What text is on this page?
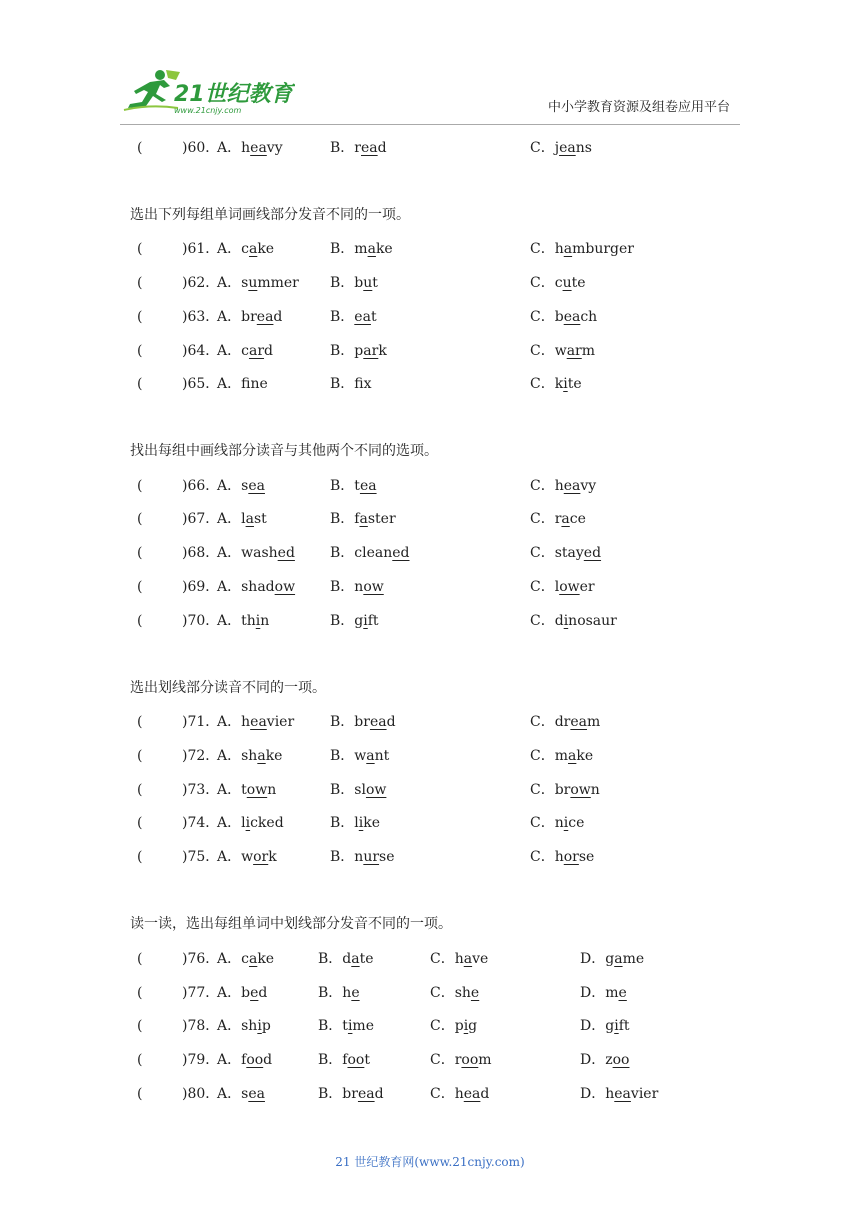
21世纪教育
www.21cnjy.com	中小学教育资源及组卷应用平台
(	)60．
A．heavy	B．read	C．jeans
选出下列每组单词画线部分发音不同的一项。
(	)61．
A．cake	B．make	C．hamburger
(	)62．
A．summer B．but	C．cute
(	)63．
A．bread	B．eat	C．beach
(	)64．
A．card	B．park	C．warm
(	)65．
A．fne	B．fx	C．kite
找出每组中画线部分读音与其他两个不同的选项。
(	)66．
A．sea	B．tea	C．heavy
(	)67．
A．last	B．faster	C．race
(	)68．
A．washed	B．cleaned	C．stayed
(	)69．
A．shadow B．now	C．lower
(	)70．
A．thin	B．gift	C．dinosaur
选出划线部分读音不同的一项。
(	)71．
A．heavier	B．bread	C．dream
(	)72．
A．shake	B．want	C．make
(	)73．
A．town	B．slow	C．brown
(	)74．
A．licked	B．like	C．nice
(	)75．
A．work	B．nurse	C．horse
读一读，选出每组单词中划线部分发音不同的一项。
(	)76．
A．cake	B．date	C．have	D．game
(	)77．
A．bed	B．he	C．she	D．me
(	)78．
A．ship	B．time	C．pig	D．gift
(	)79．
A．food	B．foot	C．room	D．zoo
(	)80．
A．sea	B．bread	C．head	D．heavier
21 世纪教育网(www.21cnjy.com)
